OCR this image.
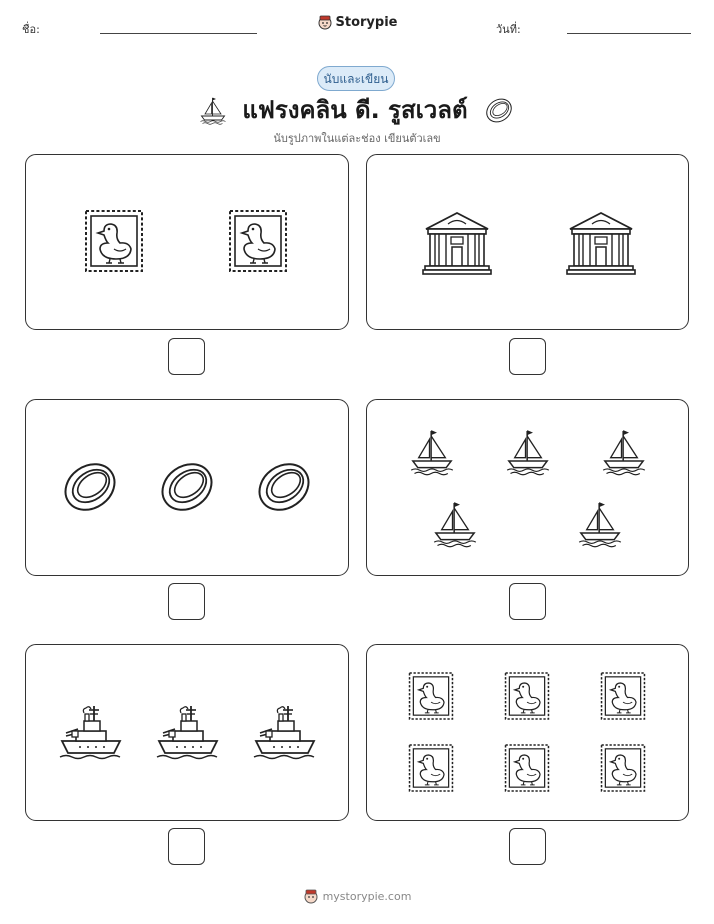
ชื่อ:	Storypie	วันที่:
นับและเขียน
แฟรงคลิน ดี. รูสเวลต์
นับรูปภาพในแต่ละช่อง เขียนตัวเลข
mystorypie.com
